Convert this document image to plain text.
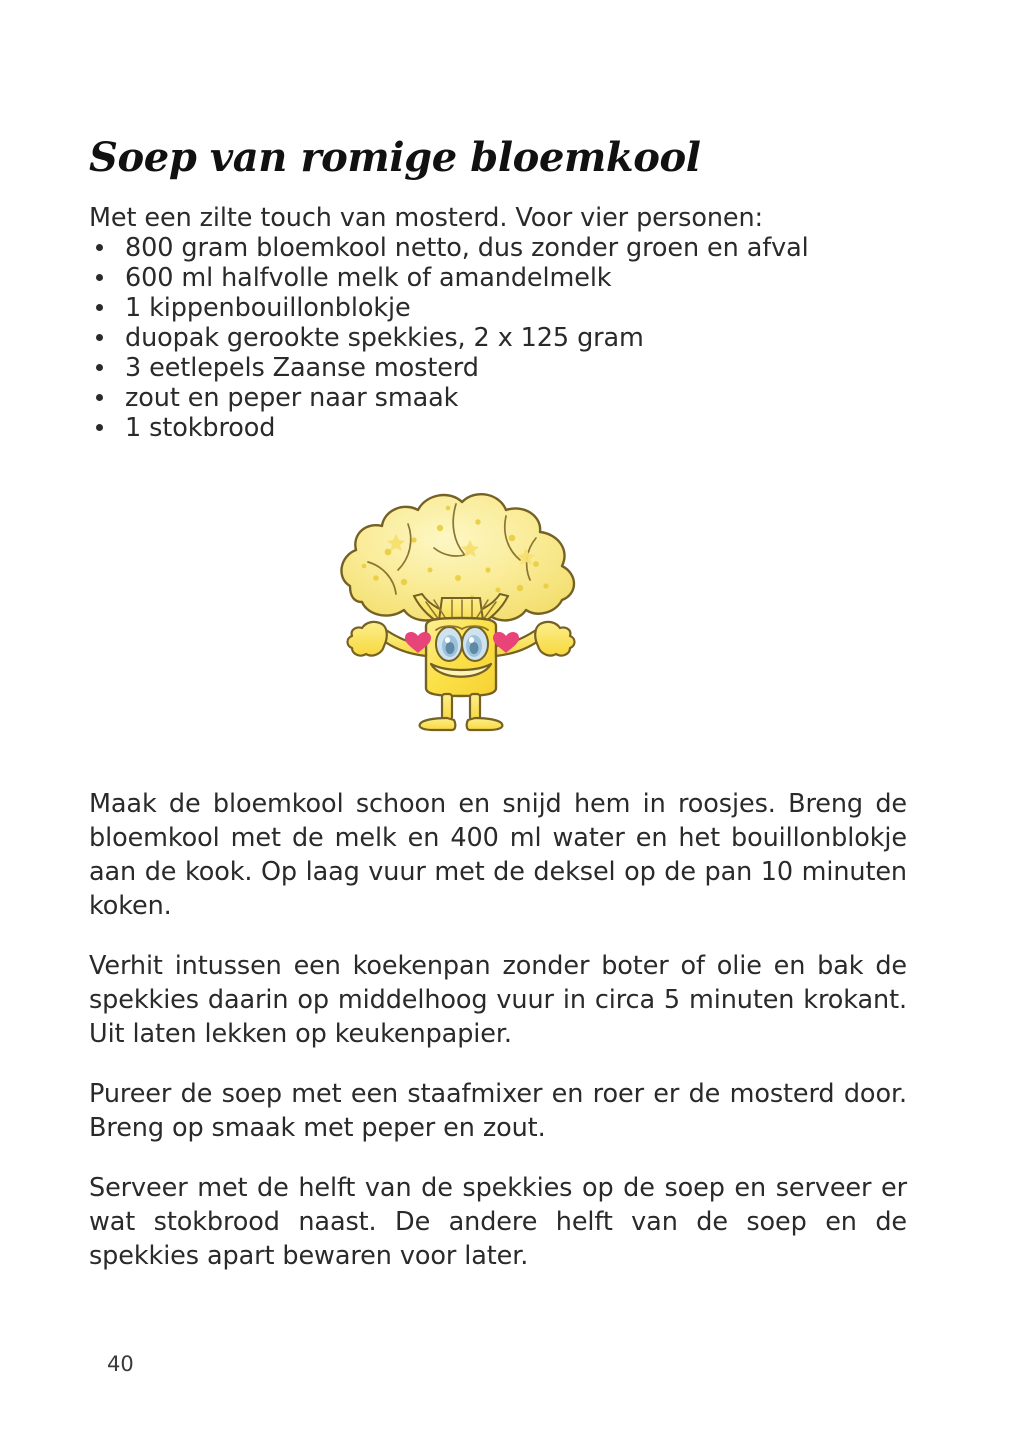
Soep van romige bloemkool
Met een zilte touch van mosterd. Voor vier personen:
800 gram bloemkool netto, dus zonder groen en afval
600 ml halfvolle melk of amandelmelk
1 kippenbouillonblokje
duopak gerookte spekkies, 2 x 125 gram
3 eetlepels Zaanse mosterd
zout en peper naar smaak
1 stokbrood

Maak de bloemkool schoon en snijd hem in roosjes. Breng de bloemkool met de melk en 400 ml water en het bouillonblokje aan de kook. Op laag vuur met de deksel op de pan 10 minuten koken.

Verhit intussen een koekenpan zonder boter of olie en bak de spekkies daarin op middelhoog vuur in circa 5 minuten krokant. Uit laten lekken op keukenpapier.

Pureer de soep met een staafmixer en roer er de mosterd door. Breng op smaak met peper en zout.

Serveer met de helft van de spekkies op de soep en serveer er wat stokbrood naast. De andere helft van de soep en de spekkies apart bewaren voor later.

40
